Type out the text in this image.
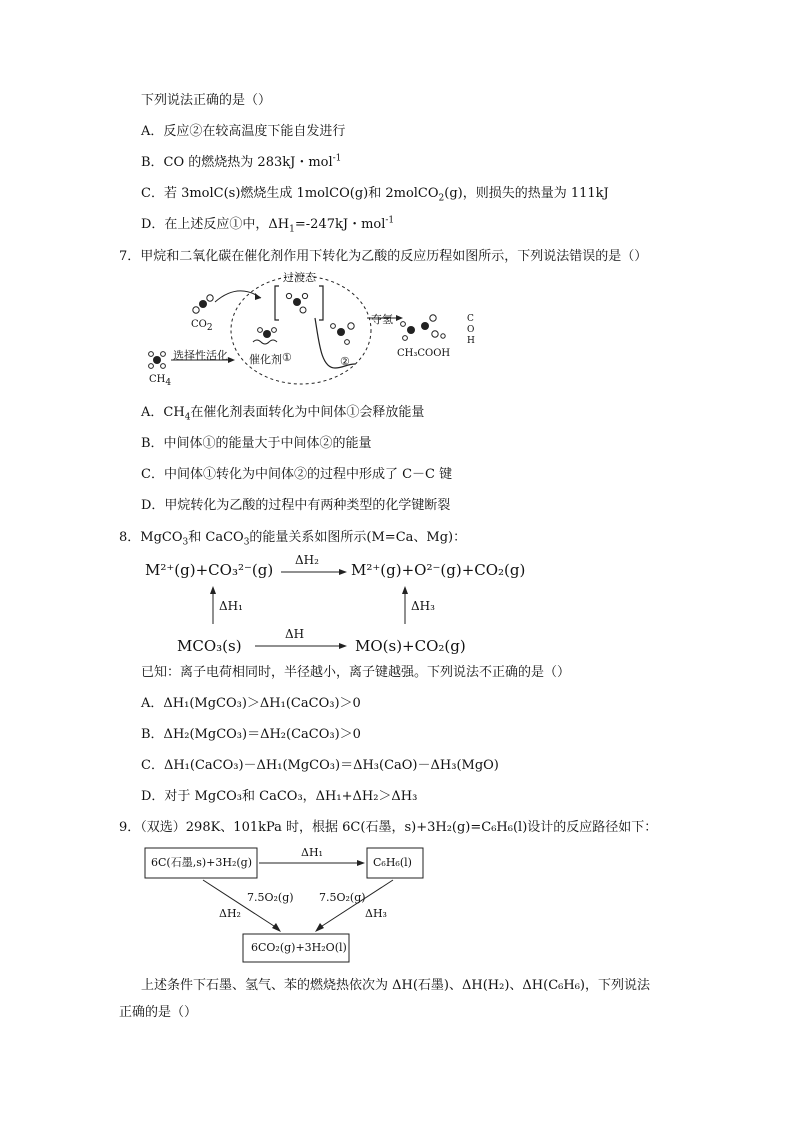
下列说法正确的是（）
A．反应②在较高温度下能自发进行
B．CO 的燃烧热为 283kJ・mol$^{-1}$
C．若 3molC(s)燃烧生成 1molCO(g)和 2molCO$_2$(g)，则损失的热量为 111kJ
D．在上述反应①中，$\Delta H_1=-247kJ$・mol$^{-1}$
7．甲烷和二氧化碳在催化剂作用下转化为乙酸的反应历程如图所示，下列说法错误的是（）
过渡态
$CO_2$
选择性活化
$CH_4$
催化剂 ①	②
夺氢
CH₃COOH
C
O
H
A．$CH_4$在催化剂表面转化为中间体①会释放能量
B．中间体①的能量大于中间体②的能量
C．中间体①转化为中间体②的过程中形成了 C－C 键
D．甲烷转化为乙酸的过程中有两种类型的化学键断裂
8．MgCO$_3$和 CaCO$_3$的能量关系如图所示(M=Ca、Mg)：
M²⁺(g)+CO₃²⁻(g)
ΔH₂
M²⁺(g)+O²⁻(g)+CO₂(g)
ΔH₁	ΔH₃
MCO₃(s)
ΔH
MO(s)+CO₂(g)
已知：离子电荷相同时，半径越小，离子键越强。下列说法不正确的是（）
A．ΔH₁(MgCO₃)＞ΔH₁(CaCO₃)＞0
B．ΔH₂(MgCO₃)＝ΔH₂(CaCO₃)＞0
C．ΔH₁(CaCO₃)－ΔH₁(MgCO₃)＝ΔH₃(CaO)－ΔH₃(MgO)
D．对于 MgCO₃和 CaCO₃，ΔH₁+ΔH₂＞ΔH₃
9．（双选）298K、101kPa 时，根据 6C(石墨，s)+3H₂(g)=C₆H₆(l)设计的反应路径如下：
6C(石墨,s)+3H₂(g)	C₆H₆(l)
6CO₂(g)+3H₂O(l)
ΔH₁
7.5O₂(g) 7.5O₂(g)
ΔH₂	ΔH₃
上述条件下石墨、氢气、苯的燃烧热依次为 ΔH(石墨)、ΔH(H₂)、ΔH(C₆H₆)，下列说法
正确的是（）
